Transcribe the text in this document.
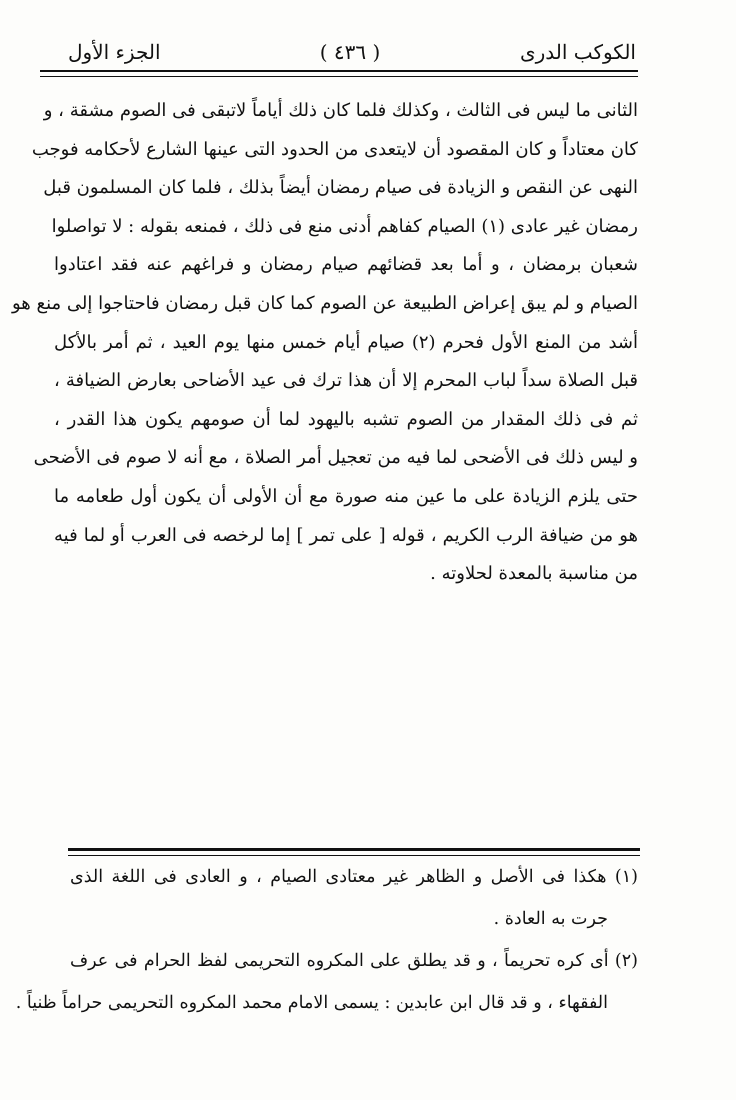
الكوكب الدرى
( ٤٣٦ )
الجزء الأول
الثانى ما ليس فى الثالث ، وكذلك فلما كان ذلك أياماً لاتبقى فى الصوم مشقة ، و
كان معتاداً و كان المقصود أن لايتعدى من الحدود التى عينها الشارع لأحكامه فوجب
النهى عن النقص و الزيادة فى صيام رمضان أيضاً بذلك ، فلما كان المسلمون قبل
رمضان غير عادى (١) الصيام كفاهم أدنى منع فى ذلك ، فمنعه بقوله : لا تواصلوا
شعبان برمضان ، و أما بعد قضائهم صيام رمضان و فراغهم عنه فقد اعتادوا
الصيام و لم يبق إعراض الطبيعة عن الصوم كما كان قبل رمضان فاحتاجوا إلى منع هو
أشد من المنع الأول فحرم (٢) صيام أيام خمس منها يوم العيد ، ثم أمر بالأكل
قبل الصلاة سداً لباب المحرم إلا أن هذا ترك فى عيد الأضاحى بعارض الضيافة ،
ثم فى ذلك المقدار من الصوم تشبه باليهود لما أن صومهم يكون هذا القدر ،
و ليس ذلك فى الأضحى لما فيه من تعجيل أمر الصلاة ، مع أنه لا صوم فى الأضحى
حتى يلزم الزيادة على ما عين منه صورة مع أن الأولى أن يكون أول طعامه ما
هو من ضيافة الرب الكريم ، قوله [ على تمر ] إما لرخصه فى العرب أو لما فيه
من مناسبة بالمعدة لحلاوته .
(١) هكذا فى الأصل و الظاهر غير معتادى الصيام ، و العادى فى اللغة الذى
جرت به العادة .
(٢) أى كره تحريماً ، و قد يطلق على المكروه التحريمى لفظ الحرام فى عرف
الفقهاء ، و قد قال ابن عابدين : يسمى الامام محمد المكروه التحريمى حراماً ظنياً .
